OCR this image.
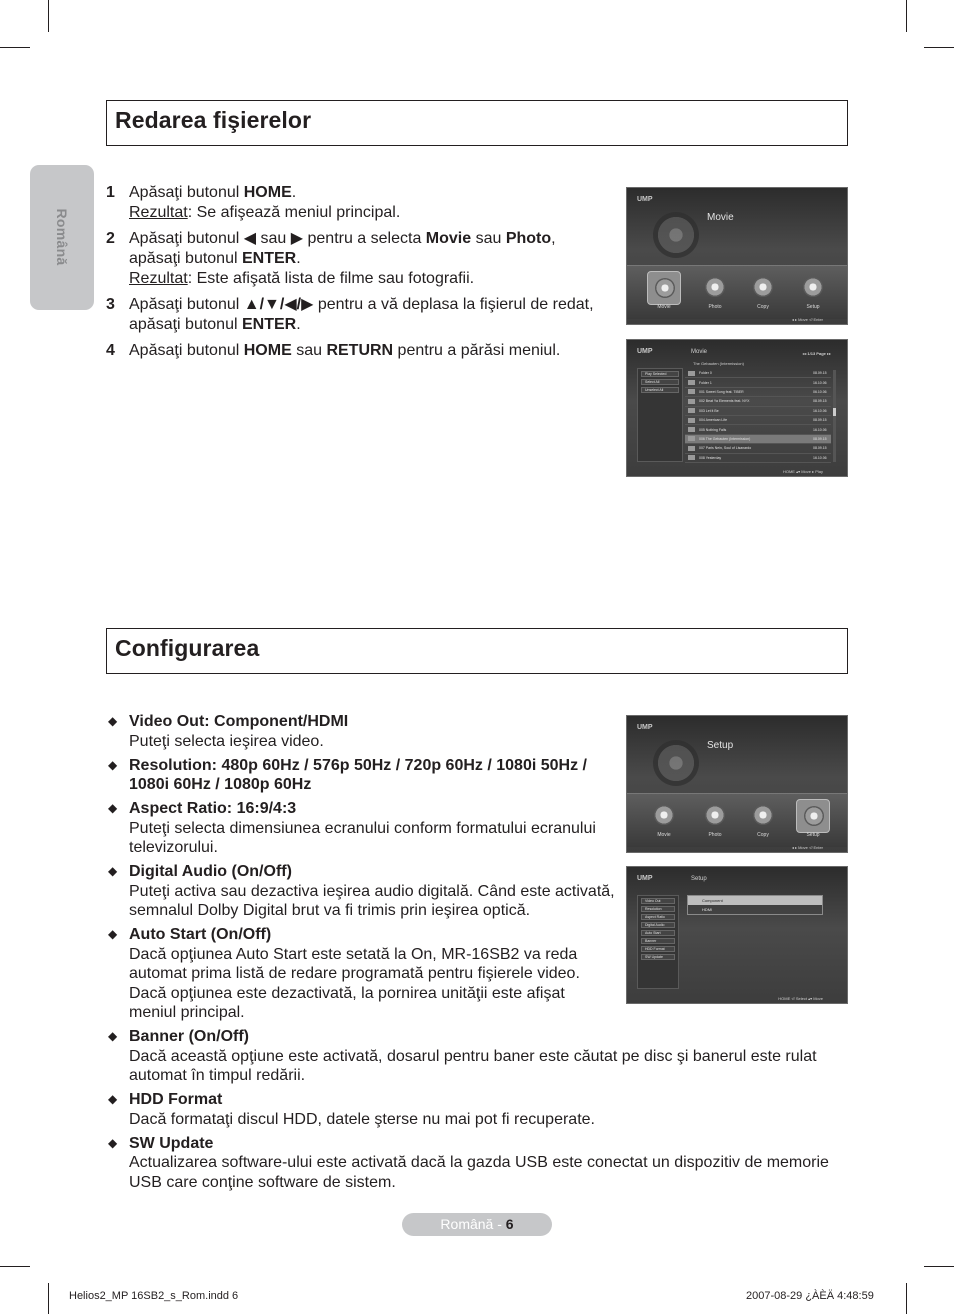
Română
Redarea fişierelor
1 Apăsaţi butonul HOME.
Rezultat: Se afişează meniul principal.
2 Apăsaţi butonul ◀ sau ▶ pentru a selecta Movie sau Photo, apăsaţi butonul ENTER.
Rezultat: Este afişată lista de filme sau fotografii.
3 Apăsaţi butonul ▲/▼/◀/▶ pentru a vă deplasa la fişierul de redat, apăsaţi butonul ENTER.
4 Apăsaţi butonul HOME sau RETURN pentru a părăsi meniul.
UMP
Movie
Movie	Photo	Copy	Setup
◂ ▸ Move ⏎ Enter
UMP	Movie	◂◂ 1/13 Page ▸▸
The Gebauten (Intermission)
Play Selected
Select All
Unselect All
Folder 0	08.09.15
Folder 1	16.10.06
001 Sweet Song feat. TIBER	06.10.06
002 Beat Ya Elements feat. NYX	08.09.15
003 Let it Be	16.10.06
004 American Life	08.09.15
005 Nothing Falls	16.10.06
006 The Gebauten (Intermission)	08.09.15
007 Paris Nein, Soul of Lisanardo	08.09.15
008 Yesterday	16.10.06
HOME ▴▾ Move ▸ Play
Configurarea
◆ Video Out: Component/HDMI
Puteţi selecta ieşirea video.
◆ Resolution: 480p 60Hz / 576p 50Hz / 720p 60Hz / 1080i 50Hz / 1080i 60Hz / 1080p 60Hz
◆ Aspect Ratio: 16:9/4:3
Puteţi selecta dimensiunea ecranului conform formatului ecranului televizorului.
◆ Digital Audio (On/Off)
Puteţi activa sau dezactiva ieşirea audio digitală. Când este activată, semnalul Dolby Digital brut va fi trimis prin ieşirea optică.
◆ Auto Start (On/Off)
Dacă opţiunea Auto Start este setată la On, MR-16SB2 va reda automat prima listă de redare programată pentru fişierele video. Dacă opţiunea este dezactivată, la pornirea unităţii este afişat meniul principal.
◆ Banner (On/Off)
Dacă această opţiune este activată, dosarul pentru baner este căutat pe disc şi banerul este rulat automat în timpul redării.
◆ HDD Format
Dacă formataţi discul HDD, datele şterse nu mai pot fi recuperate.
◆ SW Update
Actualizarea software-ului este activată dacă la gazda USB este conectat un dispozitiv de memorie USB care conţine software de sistem.
UMP
Setup
Movie	Photo	Copy	Setup
◂ ▸ Move ⏎ Enter
UMP	Setup
Video Out
Resolution
Aspect Ratio
Digital Audio
Auto Start
Banner
HDD Format
SW Update
Component
HDMI
HOME ⏎ Select ▴▾ Move
Română - 6
Helios2_MP 16SB2_s_Rom.indd 6	2007-08-29 ¿ÀÈÄ 4:48:59
